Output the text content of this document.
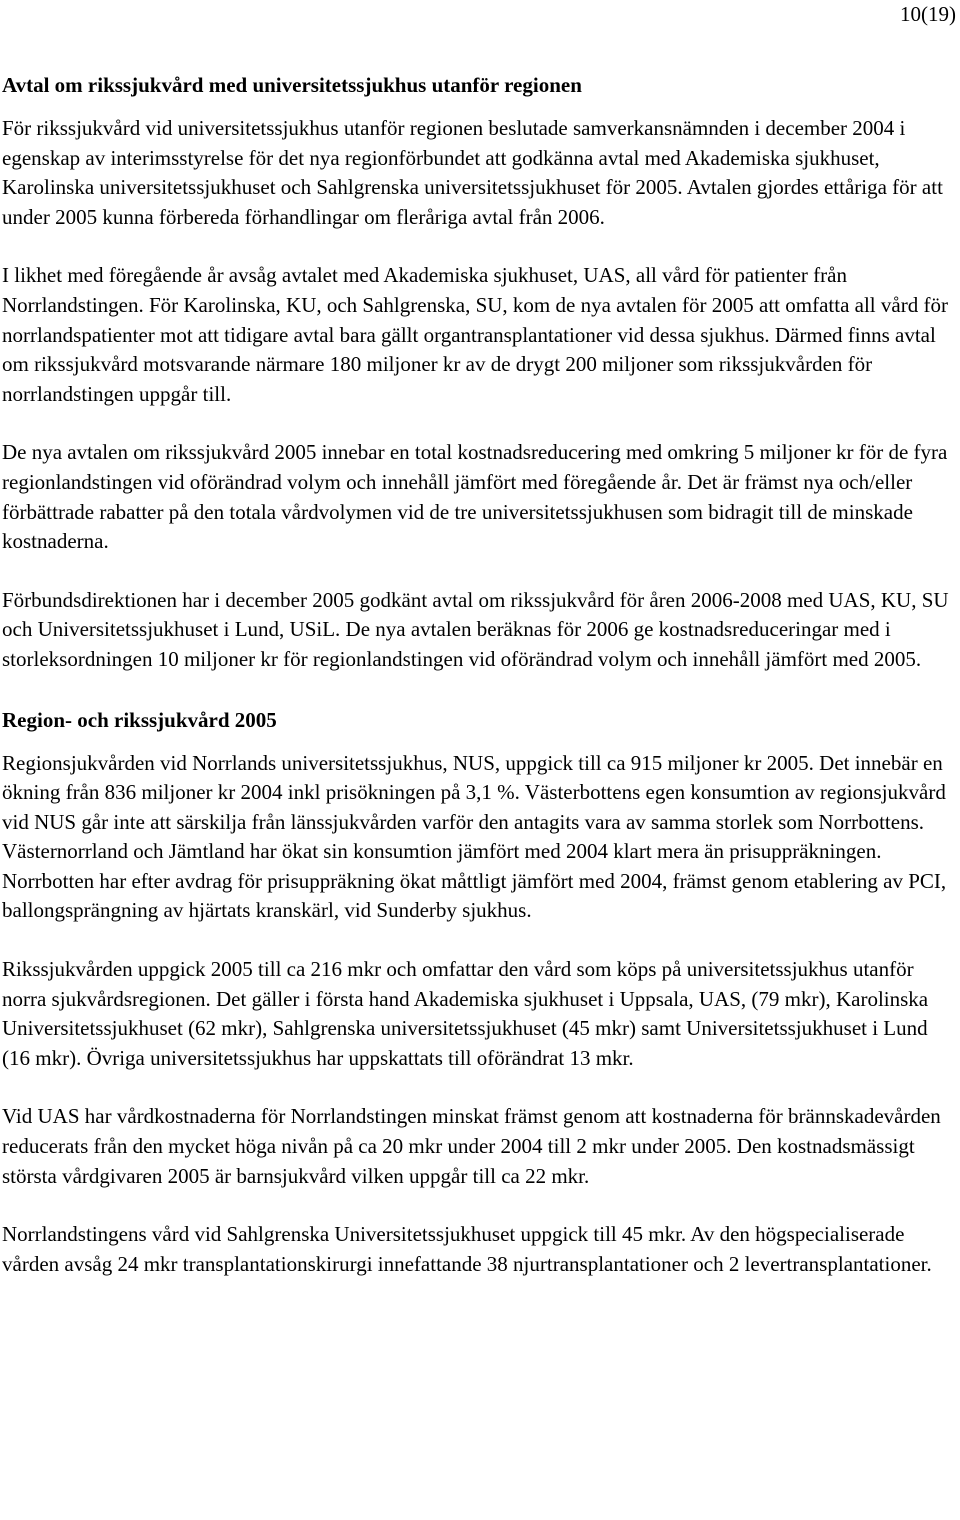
10(19)
Avtal om rikssjukvård med universitetssjukhus utanför regionen

För rikssjukvård vid universitetssjukhus utanför regionen beslutade samverkansnämnden i december 2004 i egenskap av interimsstyrelse för det nya regionförbundet att godkänna avtal med Akademiska sjukhuset, Karolinska universitetssjukhuset och Sahlgrenska universitetssjukhuset för 2005. Avtalen gjordes ettåriga för att under 2005 kunna förbereda förhandlingar om fleråriga avtal från 2006.

I likhet med föregående år avsåg avtalet med Akademiska sjukhuset, UAS, all vård för patienter från Norrlandstingen. För Karolinska, KU, och Sahlgrenska, SU, kom de nya avtalen för 2005 att omfatta all vård för norrlandspatienter mot att tidigare avtal bara gällt organtransplantationer vid dessa sjukhus. Därmed finns avtal om rikssjukvård motsvarande närmare 180 miljoner kr av de drygt 200 miljoner som rikssjukvården för norrlandstingen uppgår till.

De nya avtalen om rikssjukvård 2005 innebar en total kostnadsreducering med omkring 5 miljoner kr för de fyra regionlandstingen vid oförändrad volym och innehåll jämfört med föregående år. Det är främst nya och/eller förbättrade rabatter på den totala vårdvolymen vid de tre universitetssjukhusen som bidragit till de minskade kostnaderna.

Förbundsdirektionen har i december 2005 godkänt avtal om rikssjukvård för åren 2006-2008 med UAS, KU, SU och Universitetssjukhuset i Lund, USiL. De nya avtalen beräknas för 2006 ge kostnadsreduceringar med i storleksordningen 10 miljoner kr för regionlandstingen vid oförändrad volym och innehåll jämfört med 2005.

Region- och rikssjukvård 2005

Regionsjukvården vid Norrlands universitetssjukhus, NUS, uppgick till ca 915 miljoner kr 2005. Det innebär en ökning från 836 miljoner kr 2004 inkl prisökningen på 3,1 %. Västerbottens egen konsumtion av regionsjukvård vid NUS går inte att särskilja från länssjukvården varför den antagits vara av samma storlek som Norrbottens. Västernorrland och Jämtland har ökat sin konsumtion jämfört med 2004 klart mera än prisuppräkningen. Norrbotten har efter avdrag för prisuppräkning ökat måttligt jämfört med 2004, främst genom etablering av PCI, ballongsprängning av hjärtats kranskärl, vid Sunderby sjukhus.

Rikssjukvården uppgick 2005 till ca 216 mkr och omfattar den vård som köps på universitetssjukhus utanför norra sjukvårdsregionen. Det gäller i första hand Akademiska sjukhuset i Uppsala, UAS, (79 mkr), Karolinska Universitetssjukhuset (62 mkr), Sahlgrenska universitetssjukhuset (45 mkr) samt Universitetssjukhuset i Lund (16 mkr). Övriga universitetssjukhus har uppskattats till oförändrat 13 mkr.

Vid UAS har vårdkostnaderna för Norrlandstingen minskat främst genom att kostnaderna för brännskadevården reducerats från den mycket höga nivån på ca 20 mkr under 2004 till 2 mkr under 2005. Den kostnadsmässigt största vårdgivaren 2005 är barnsjukvård vilken uppgår till ca 22 mkr.

Norrlandstingens vård vid Sahlgrenska Universitetssjukhuset uppgick till 45 mkr. Av den högspecialiserade vården avsåg 24 mkr transplantationskirurgi innefattande 38 njurtransplantationer och 2 levertransplantationer.
